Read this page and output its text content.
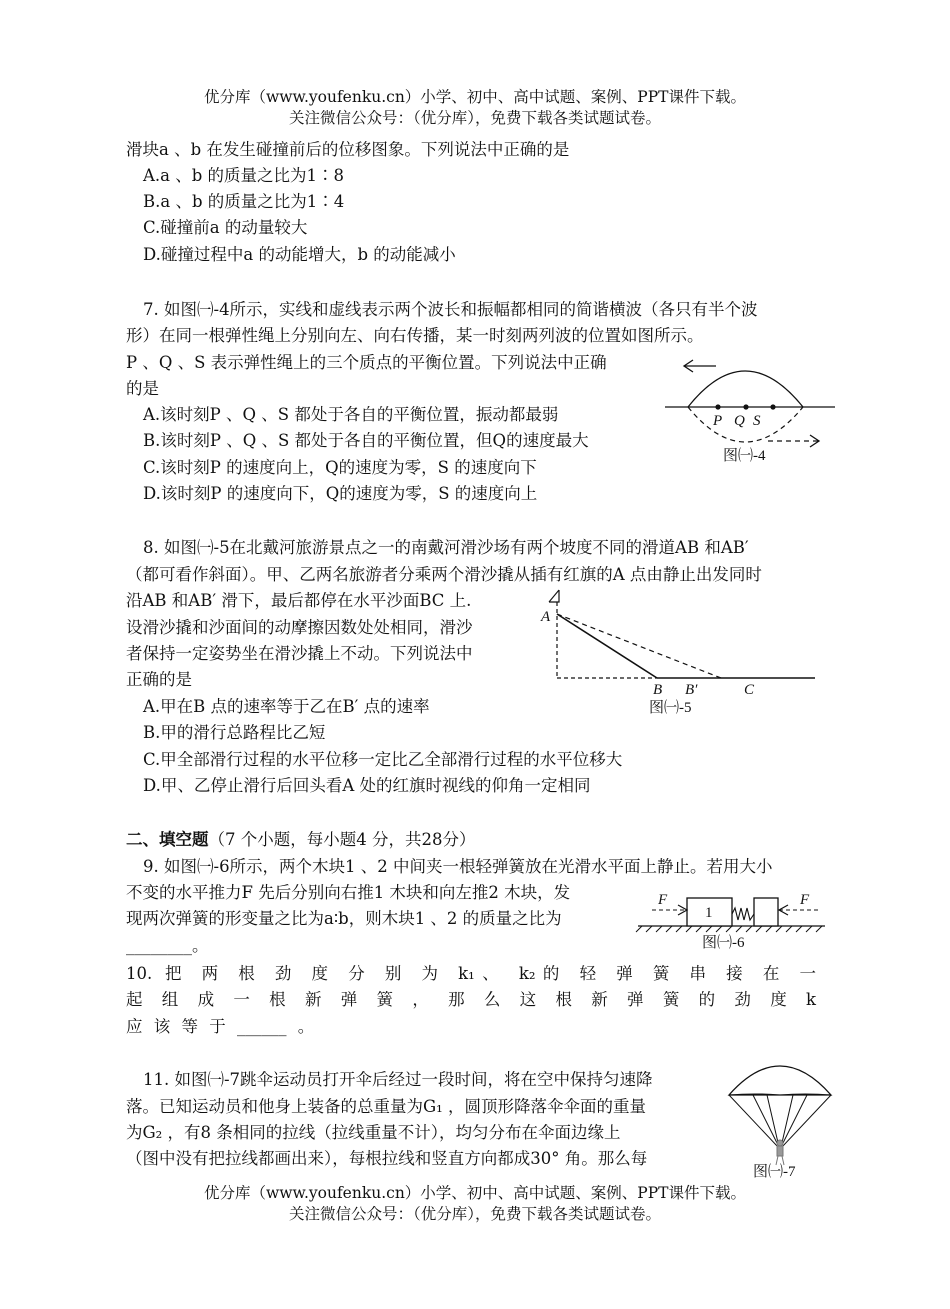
优分库（www.youfenku.cn）小学、初中、高中试题、案例、PPT课件下载。
关注微信公众号：（优分库），免费下载各类试题试卷。
滑块a 、b 在发生碰撞前后的位移图象。下列说法中正确的是
A.a 、b 的质量之比为1∶8
B.a 、b 的质量之比为1∶4
C.碰撞前a 的动量较大
D.碰撞过程中a 的动能增大，b 的动能减小
7. 如图㈠-4所示，实线和虚线表示两个波长和振幅都相同的简谐横波（各只有半个波
形）在同一根弹性绳上分别向左、向右传播，某一时刻两列波的位置如图所示。
P 、Q 、S 表示弹性绳上的三个质点的平衡位置。下列说法中正确
的是
A.该时刻P 、Q 、S 都处于各自的平衡位置，振动都最弱
B.该时刻P 、Q 、S 都处于各自的平衡位置，但Q的速度最大
C.该时刻P 的速度向上，Q的速度为零，S 的速度向下
D.该时刻P 的速度向下，Q的速度为零，S 的速度向上
P Q S
图㈠-4
8. 如图㈠-5在北戴河旅游景点之一的南戴河滑沙场有两个坡度不同的滑道AB 和AB′
（都可看作斜面）。甲、乙两名旅游者分乘两个滑沙撬从插有红旗的A 点由静止出发同时
沿AB 和AB′ 滑下，最后都停在水平沙面BC 上.
设滑沙撬和沙面间的动摩擦因数处处相同，滑沙
者保持一定姿势坐在滑沙撬上不动。下列说法中
正确的是
A.甲在B 点的速率等于乙在B′ 点的速率
B.甲的滑行总路程比乙短
C.甲全部滑行过程的水平位移一定比乙全部滑行过程的水平位移大
D.甲、乙停止滑行后回头看A 处的红旗时视线的仰角一定相同
A
B B′	C
图㈠-5
二、填空题（7 个小题，每小题4 分，共28分）
9. 如图㈠-6所示，两个木块1 、2 中间夹一根轻弹簧放在光滑水平面上静止。若用大小
不变的水平推力F 先后分别向右推1 木块和向左推2 木块，发
现两次弹簧的形变量之比为a∶b，则木块1 、2 的质量之比为
________。
F	F
1
图㈠-6
10. 把 两 根 劲 度 分 别 为 k₁、 k₂的 轻 弹 簧 串 接 在 一
起 组 成 一 根 新 弹 簧 ， 那 么 这 根 新 弹 簧 的 劲 度 k
应 该 等 于 ______ 。
11. 如图㈠-7跳伞运动员打开伞后经过一段时间，将在空中保持匀速降
落。已知运动员和他身上装备的总重量为G₁ ，圆顶形降落伞伞面的重量
为G₂ ，有8 条相同的拉线（拉线重量不计），均匀分布在伞面边缘上
（图中没有把拉线都画出来），每根拉线和竖直方向都成30° 角。那么每
图㈠-7
优分库（www.youfenku.cn）小学、初中、高中试题、案例、PPT课件下载。
关注微信公众号：（优分库），免费下载各类试题试卷。
